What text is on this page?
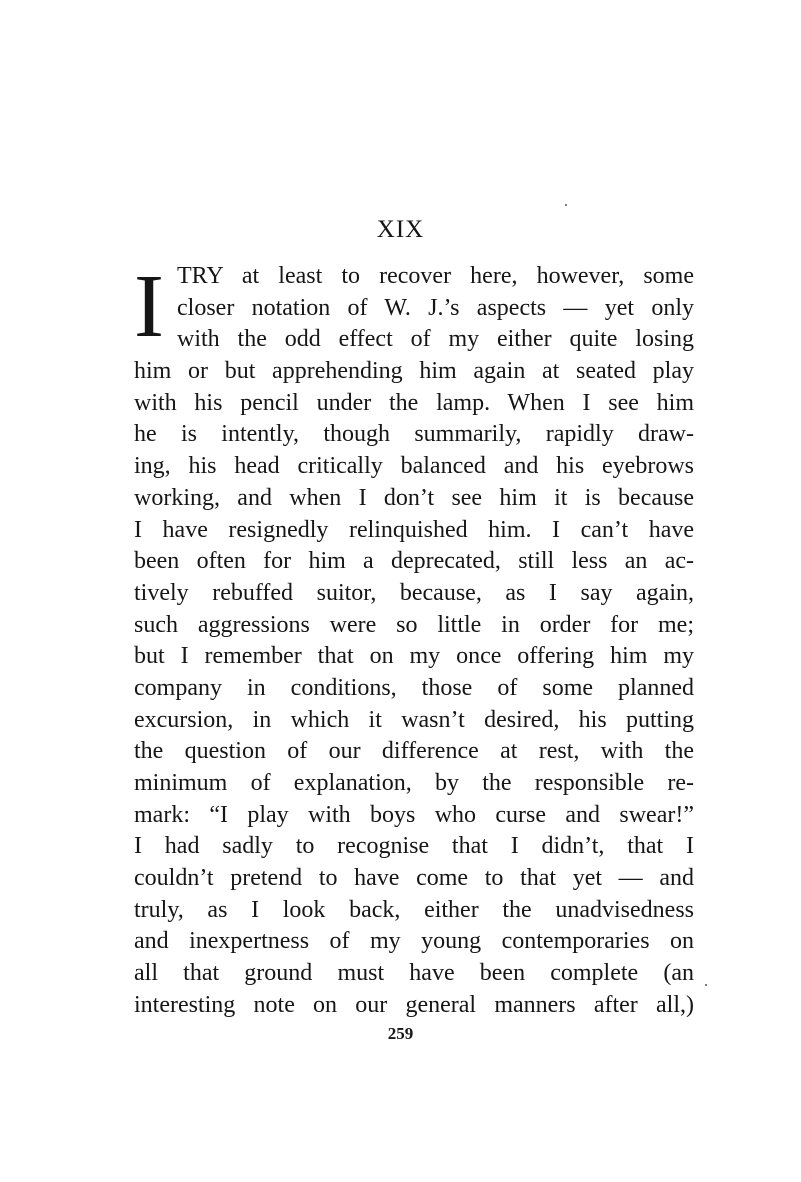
XIX
I TRY at least to recover here, however, some
closer notation of W. J.’s aspects — yet only
with the odd effect of my either quite losing
him or but apprehending him again at seated play
with his pencil under the lamp. When I see him
he is intently, though summarily, rapidly draw-
ing, his head critically balanced and his eyebrows
working, and when I don’t see him it is because
I have resignedly relinquished him. I can’t have
been often for him a deprecated, still less an ac-
tively rebuffed suitor, because, as I say again,
such aggressions were so little in order for me;
but I remember that on my once offering him my
company in conditions, those of some planned
excursion, in which it wasn’t desired, his putting
the question of our difference at rest, with the
minimum of explanation, by the responsible re-
mark: “I play with boys who curse and swear!”
I had sadly to recognise that I didn’t, that I
couldn’t pretend to have come to that yet — and
truly, as I look back, either the unadvisedness
and inexpertness of my young contemporaries on
all that ground must have been complete (an
interesting note on our general manners after all,)
259
